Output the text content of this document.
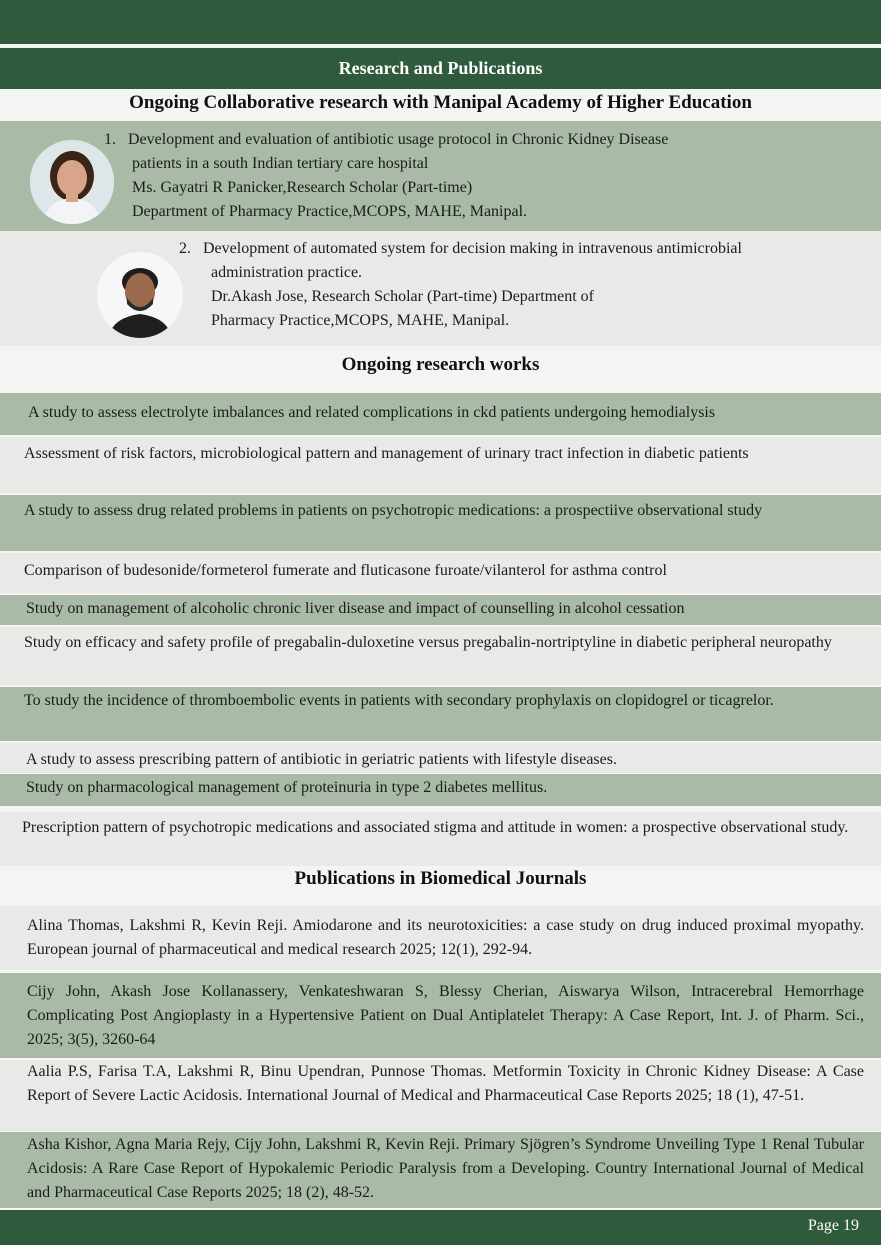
Research and Publications
Ongoing Collaborative research with Manipal Academy of Higher Education
1. Development and evaluation of antibiotic usage protocol in Chronic Kidney Disease
patients in a south Indian tertiary care hospital
Ms. Gayatri R Panicker,Research Scholar (Part-time)
Department of Pharmacy Practice,MCOPS, MAHE, Manipal.
2. Development of automated system for decision making in intravenous antimicrobial
administration practice.
Dr.Akash Jose, Research Scholar (Part-time) Department of
Pharmacy Practice,MCOPS, MAHE, Manipal.
Ongoing research works
A study to assess electrolyte imbalances and related complications in ckd patients undergoing hemodialysis
Assessment of risk factors, microbiological pattern and management of urinary tract infection in diabetic patients
A study to assess drug related problems in patients on psychotropic medications: a prospectiive observational study
Comparison of budesonide/formeterol fumerate and fluticasone furoate/vilanterol for asthma control
Study on management of alcoholic chronic liver disease and impact of counselling in alcohol cessation
Study on efficacy and safety profile of pregabalin-duloxetine versus pregabalin-nortriptyline in diabetic peripheral neuropathy
To study the incidence of thromboembolic events in patients with secondary prophylaxis on clopidogrel or ticagrelor.
A study to assess prescribing pattern of antibiotic in geriatric patients with lifestyle diseases.
Study on pharmacological management of proteinuria in type 2 diabetes mellitus.
Prescription pattern of psychotropic medications and associated stigma and attitude in women: a prospective observational study.
Publications in Biomedical Journals
Alina Thomas, Lakshmi R, Kevin Reji. Amiodarone and its neurotoxicities: a case study on drug induced proximal myopathy. European journal of pharmaceutical and medical research 2025; 12(1), 292-94.
Cijy John, Akash Jose Kollanassery, Venkateshwaran S, Blessy Cherian, Aiswarya Wilson, Intracerebral Hemorrhage Complicating Post Angioplasty in a Hypertensive Patient on Dual Antiplatelet Therapy: A Case Report, Int. J. of Pharm. Sci., 2025; 3(5), 3260-64
Aalia P.S, Farisa T.A, Lakshmi R, Binu Upendran, Punnose Thomas. Metformin Toxicity in Chronic Kidney Disease: A Case Report of Severe Lactic Acidosis. International Journal of Medical and Pharmaceutical Case Reports 2025; 18 (1), 47-51.
Asha Kishor, Agna Maria Rejy, Cijy John, Lakshmi R, Kevin Reji. Primary Sjögren’s Syndrome Unveiling Type 1 Renal Tubular Acidosis: A Rare Case Report of Hypokalemic Periodic Paralysis from a Developing. Country International Journal of Medical and Pharmaceutical Case Reports 2025; 18 (2), 48-52.
Page 19
